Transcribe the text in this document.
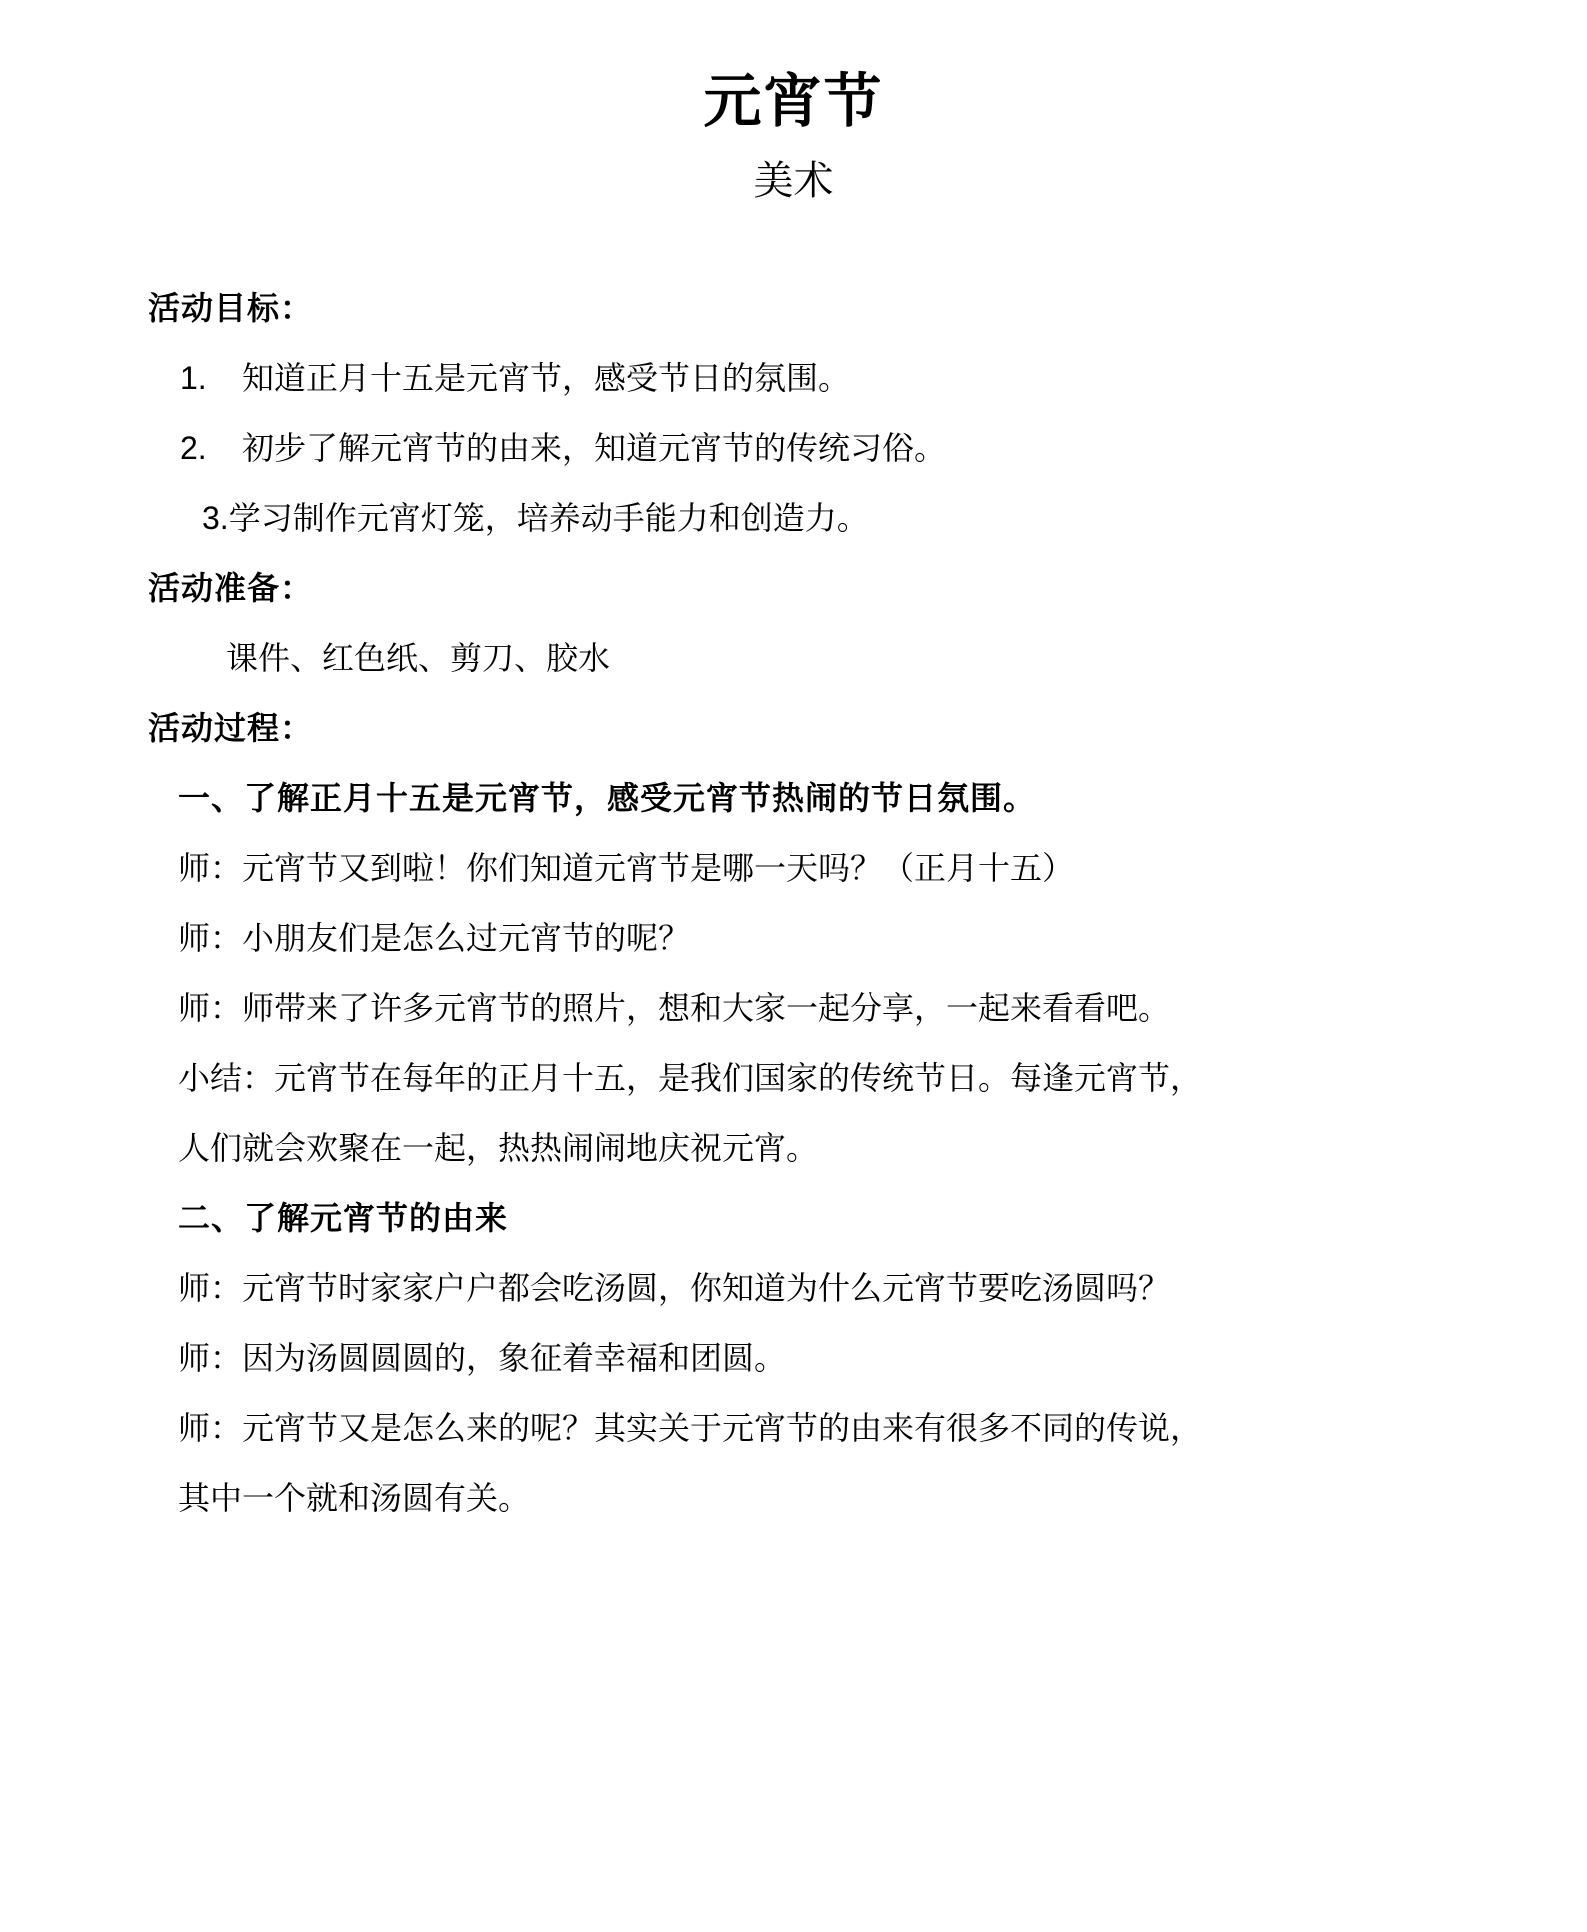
元宵节
美术

活动目标：

1. 知道正月十五是元宵节，感受节日的氛围。

2. 初步了解元宵节的由来，知道元宵节的传统习俗。

3.学习制作元宵灯笼，培养动手能力和创造力。

活动准备：

课件、红色纸、剪刀、胶水

活动过程：

一、了解正月十五是元宵节，感受元宵节热闹的节日氛围。

师：元宵节又到啦！你们知道元宵节是哪一天吗？（正月十五）

师：小朋友们是怎么过元宵节的呢？

师：师带来了许多元宵节的照片，想和大家一起分享，一起来看看吧。

小结：元宵节在每年的正月十五，是我们国家的传统节日。每逢元宵节，

人们就会欢聚在一起，热热闹闹地庆祝元宵。

二、了解元宵节的由来

师：元宵节时家家户户都会吃汤圆，你知道为什么元宵节要吃汤圆吗？

师：因为汤圆圆圆的，象征着幸福和团圆。

师：元宵节又是怎么来的呢？其实关于元宵节的由来有很多不同的传说，

其中一个就和汤圆有关。
